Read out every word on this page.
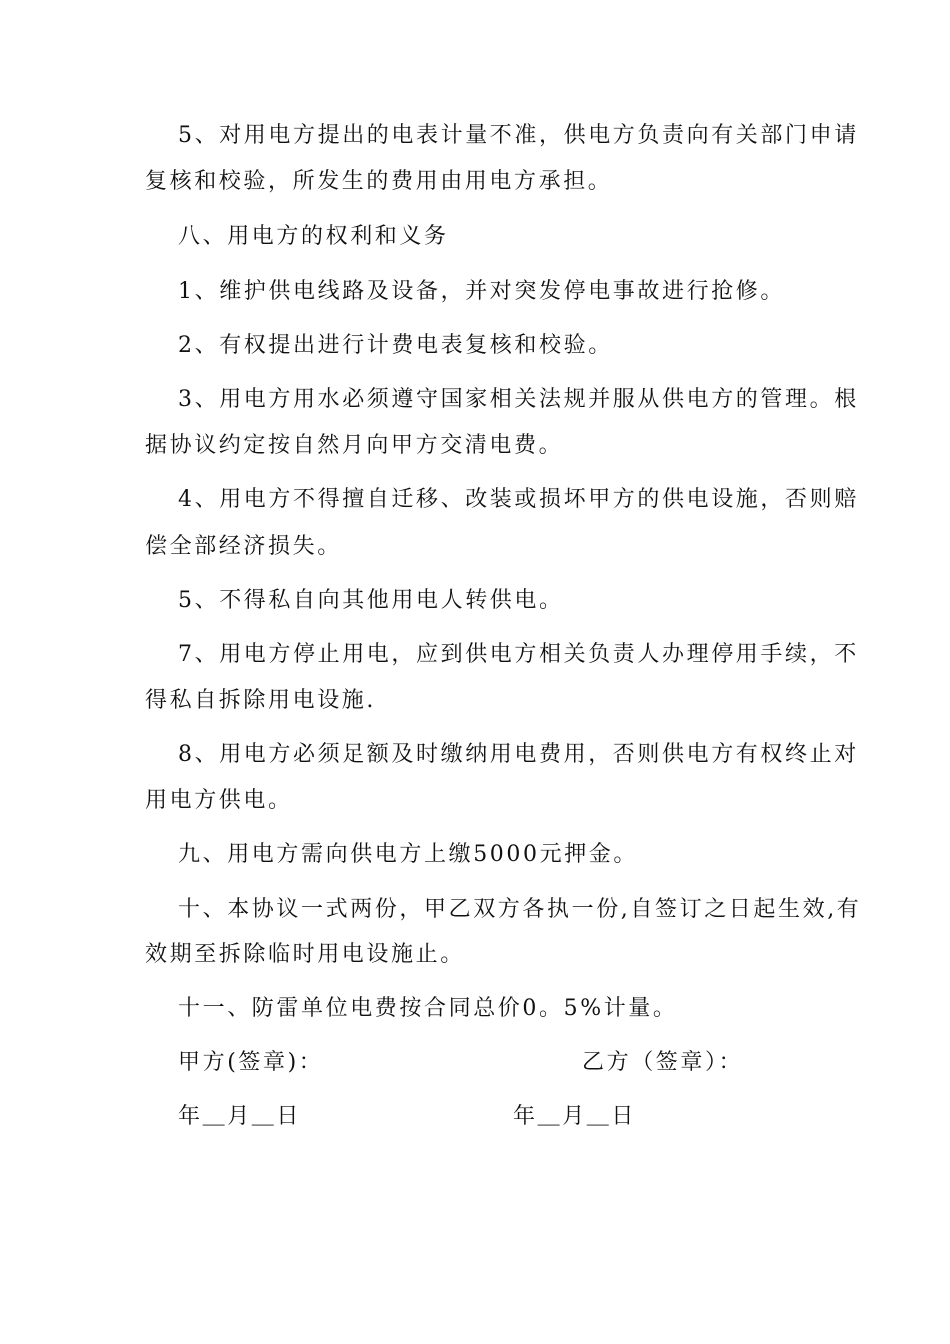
5、对用电方提出的电表计量不准，供电方负责向有关部门申请
复核和校验，所发生的费用由用电方承担。
八、用电方的权利和义务
1、维护供电线路及设备，并对突发停电事故进行抢修。
2、有权提出进行计费电表复核和校验。
3、用电方用水必须遵守国家相关法规并服从供电方的管理。根
据协议约定按自然月向甲方交清电费。
4、用电方不得擅自迁移、改装或损坏甲方的供电设施，否则赔
偿全部经济损失。
5、不得私自向其他用电人转供电。
7、用电方停止用电，应到供电方相关负责人办理停用手续，不
得私自拆除用电设施.
8、用电方必须足额及时缴纳用电费用，否则供电方有权终止对
用电方供电。
九、用电方需向供电方上缴5000元押金。
十、本协议一式两份，甲乙双方各执一份,自签订之日起生效,有
效期至拆除临时用电设施止。
十一、防雷单位电费按合同总价0。5%计量。
甲方(签章)：	乙方（签章）：
年＿月＿日	年＿月＿日
